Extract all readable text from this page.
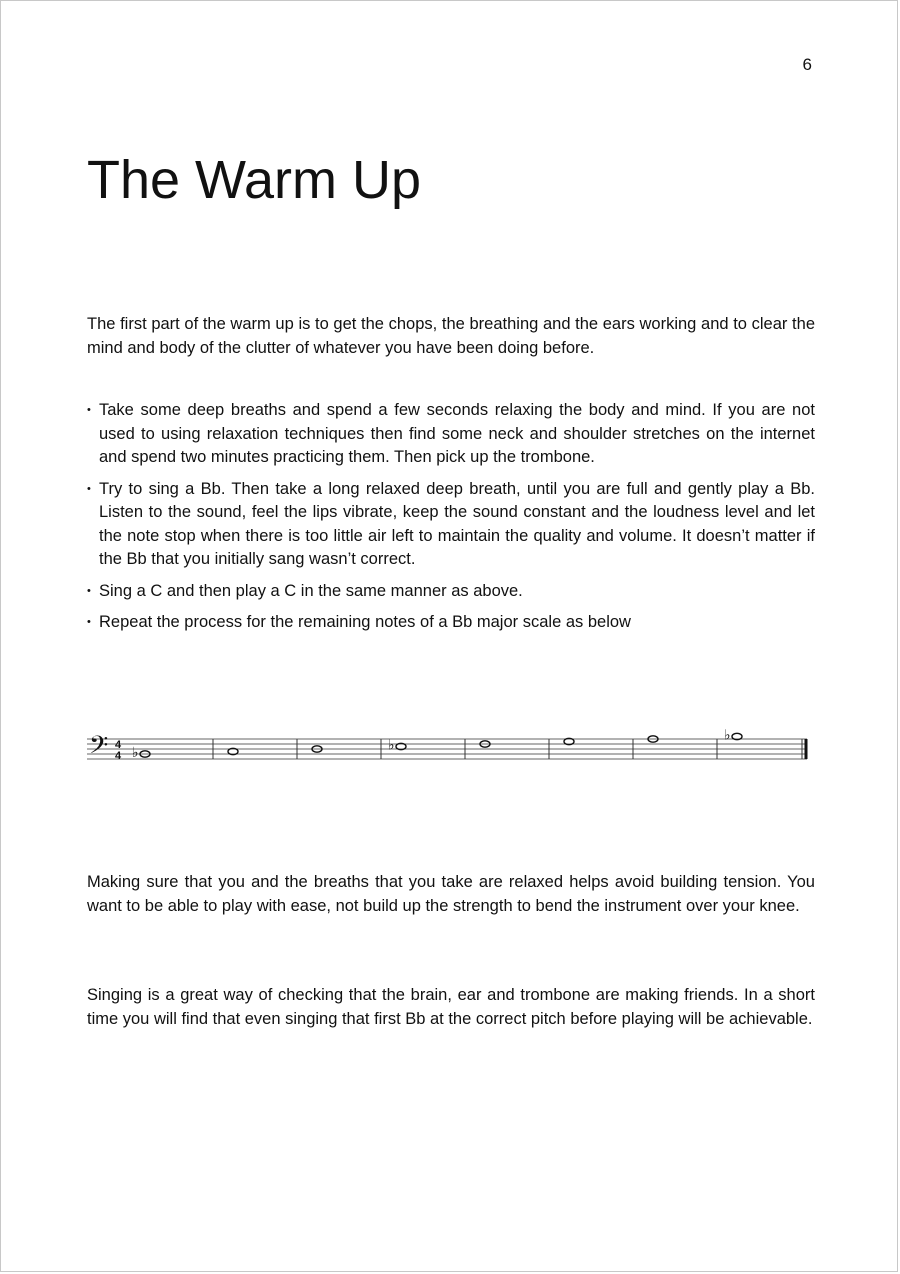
6
The Warm Up

The first part of the warm up is to get the chops, the breathing and the ears working and to clear the mind and body of the clutter of whatever you have been doing before.

• Take some deep breaths and spend a few seconds relaxing the body and mind. If you are not used to using relaxation techniques then find some neck and shoulder stretches on the internet and spend two minutes practicing them. Then pick up the trombone.
• Try to sing a Bb. Then take a long relaxed deep breath, until you are full and gently play a Bb. Listen to the sound, feel the lips vibrate, keep the sound constant and the loudness level and let the note stop when there is too little air left to maintain the quality and volume. It doesn’t matter if the Bb that you initially sang wasn’t correct.
• Sing a C and then play a C in the same manner as above.
• Repeat the process for the remaining notes of a Bb major scale as below
𝄢 4
4 ♭	♭
♭

Making sure that you and the breaths that you take are relaxed helps avoid building tension. You want to be able to play with ease, not build up the strength to bend the instrument over your knee.

Singing is a great way of checking that the brain, ear and trombone are making friends. In a short time you will find that even singing that first Bb at the correct pitch before playing will be achievable.
